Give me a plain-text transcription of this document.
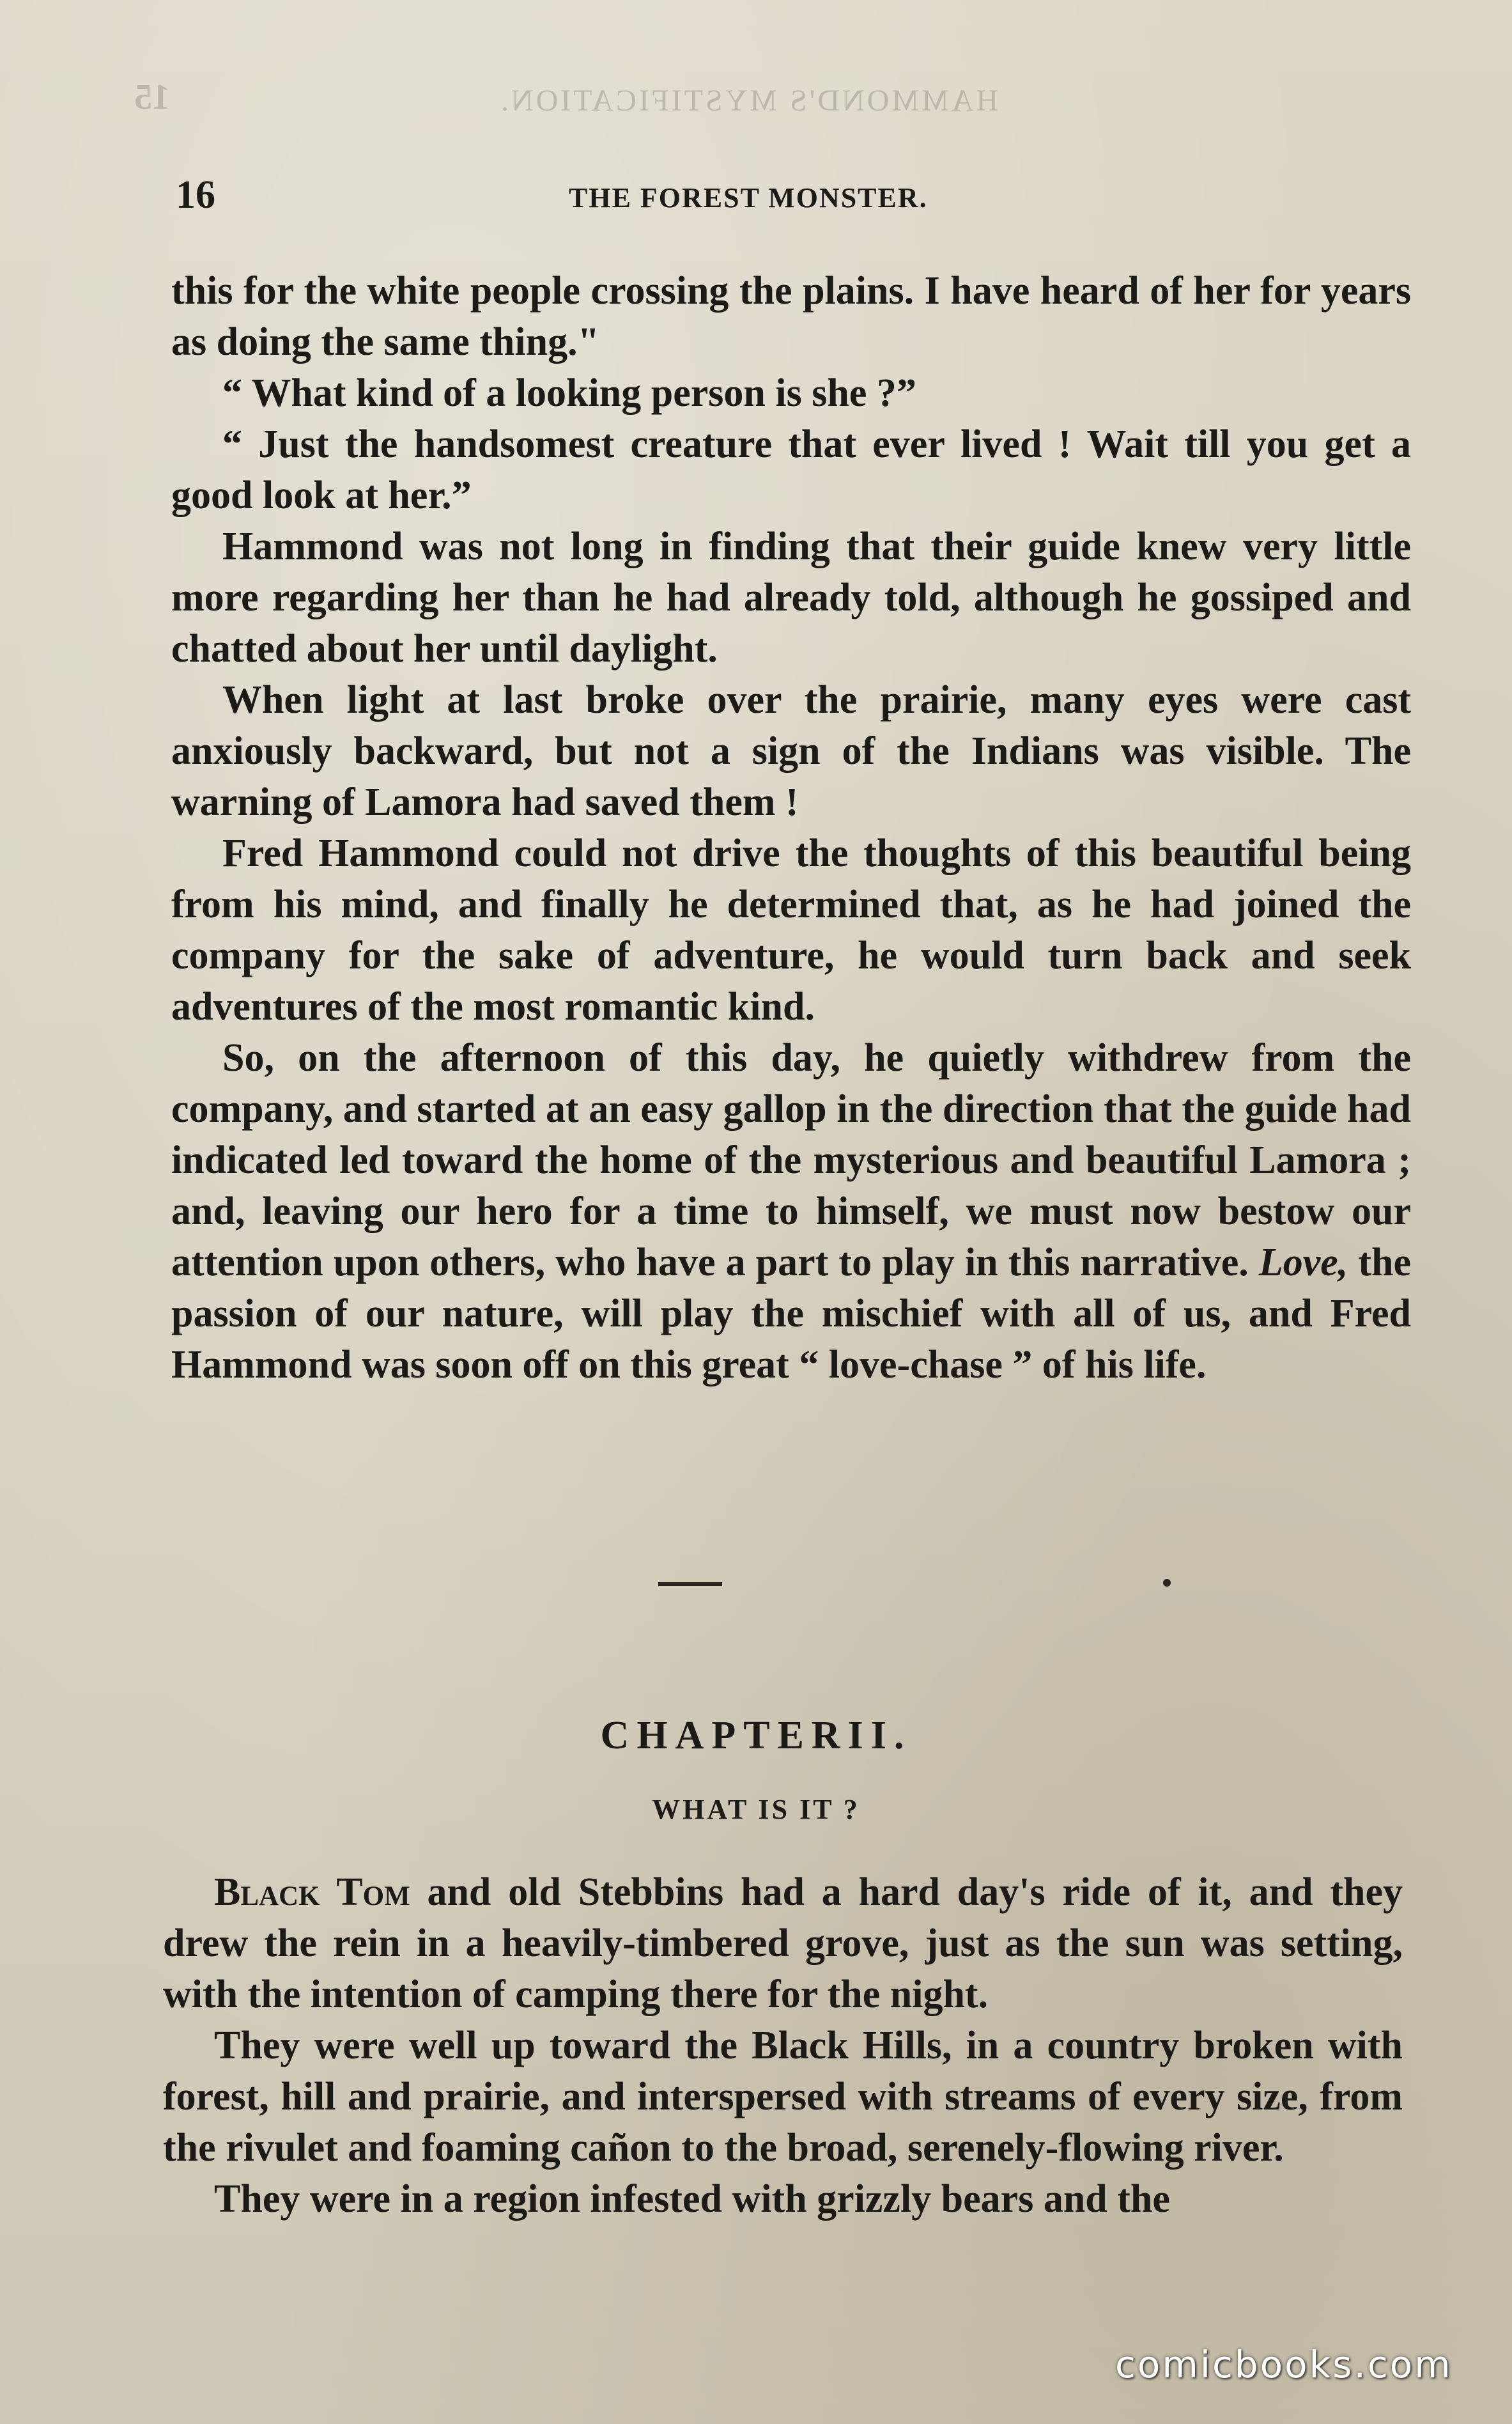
HAMMOND'S MYSTIFICATION.
15
16	THE FOREST MONSTER.

this for the white people crossing the plains. I have heard of her for years as doing the same thing."

“ What kind of a looking person is she ?”

“ Just the handsomest creature that ever lived ! Wait till you get a good look at her.”

Hammond was not long in finding that their guide knew very little more regarding her than he had already told, although he gossiped and chatted about her until daylight.

When light at last broke over the prairie, many eyes were cast anxiously backward, but not a sign of the Indians was visible. The warning of Lamora had saved them !

Fred Hammond could not drive the thoughts of this beautiful being from his mind, and finally he determined that, as he had joined the company for the sake of adventure, he would turn back and seek adventures of the most romantic kind.

So, on the afternoon of this day, he quietly withdrew from the company, and started at an easy gallop in the direction that the guide had indicated led toward the home of the mysterious and beautiful Lamora ; and, leaving our hero for a time to himself, we must now bestow our attention upon others, who have a part to play in this narrative. Love, the passion of our nature, will play the mischief with all of us, and Fred Hammond was soon off on this great “ love-chase ” of his life.

CHAPTERII.
WHAT IS IT ?

Black Tom and old Stebbins had a hard day's ride of it, and they drew the rein in a heavily-timbered grove, just as the sun was setting, with the intention of camping there for the night.

They were well up toward the Black Hills, in a country broken with forest, hill and prairie, and interspersed with streams of every size, from the rivulet and foaming cañon to the broad, serenely-flowing river.

They were in a region infested with grizzly bears and the

comicbooks.com
